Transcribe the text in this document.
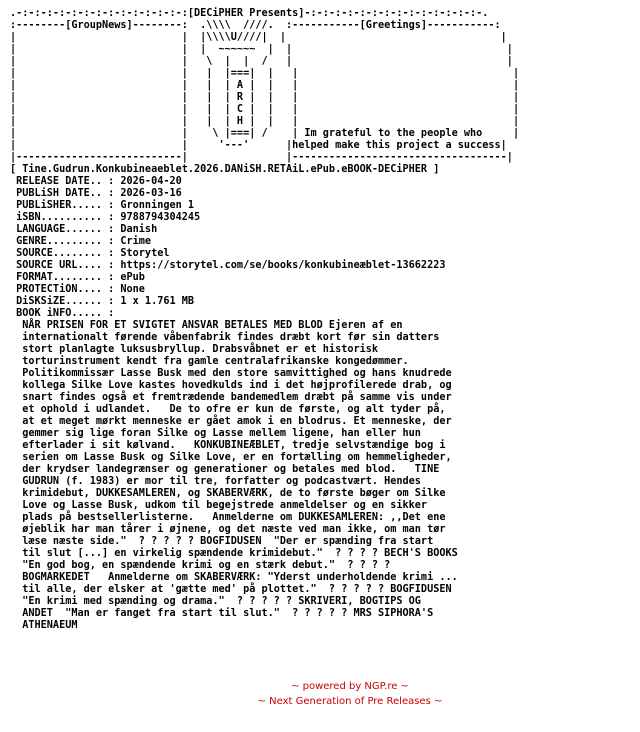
.-:-:-:-:-:-:-:-:-:-:-:-:-:-:[DECiPHER Presents]-:-:-:-:-:-:-:-:-:-:-:-:-:-:-.
:--------[GroupNews]--------:  .\\\\  ////.  :-----------[Greetings]-----------:
|                           |  |\\\\U////|  |                                   |
|                           |  |  ~~~~~~  |  |                                   |
|                           |   \  |  |  /   |                                   |
|                           |   |  |===|  |   |                                   |
|                           |   |  | A |  |   |                                   |
|                           |   |  | R |  |   |                                   |
|                           |   |  | C |  |   |                                   |
|                           |   |  | H |  |   |                                   |
|                           |    \ |===| /    | Im grateful to the people who     |
|                           |     '---'      |helped make this project a success|
|---------------------------|                |-----------------------------------|
[ Tine.Gudrun.Konkubineaeblet.2026.DANiSH.RETAiL.ePub.eBOOK-DECiPHER ]
RELEASE DATE.. : 2026-04-20
PUBLiSH DATE.. : 2026-03-16
PUBLiSHER..... : Gronningen 1
iSBN.......... : 9788794304245
LANGUAGE...... : Danish
GENRE......... : Crime
SOURCE........ : Storytel
SOURCE URL.... : https://storytel.com/se/books/konkubineæblet-13662223
FORMAT........ : ePub
PROTECTiON.... : None
DiSKSiZE...... : 1 x 1.761 MB
BOOK iNFO..... :
NÅR PRISEN FOR ET SVIGTET ANSVAR BETALES MED BLOD Ejeren af en
internationalt førende våbenfabrik findes dræbt kort før sin datters
stort planlagte luksusbryllup. Drabsvåbnet er et historisk
torturinstrument kendt fra gamle centralafrikanske kongedømmer.
Politikommissær Lasse Busk med den store samvittighed og hans knudrede
kollega Silke Love kastes hovedkulds ind i det højprofilerede drab, og
snart findes også et fremtrædende bandemedlem dræbt på samme vis under
et ophold i udlandet.   De to ofre er kun de første, og alt tyder på,
at et meget mørkt menneske er gået amok i en blodrus. Et menneske, der
gemmer sig lige foran Silke og Lasse mellem ligene, han eller hun
efterlader i sit kølvand.   KONKUBINEÆBLET, tredje selvstændige bog i
serien om Lasse Busk og Silke Love, er en fortælling om hemmeligheder,
der krydser landegrænser og generationer og betales med blod.   TINE
GUDRUN (f. 1983) er mor til tre, forfatter og podcastvært. Hendes
krimidebut, DUKKESAMLEREN, og SKABERVÆRK, de to første bøger om Silke
Love og Lasse Busk, udkom til begejstrede anmeldelser og en sikker
plads på bestsellerlisterne.   Anmelderne om DUKKESAMLEREN: ,,Det ene
øjeblik har man tårer i øjnene, og det næste ved man ikke, om man tør
læse næste side."  ? ? ? ? ? BOGFIDUSEN  "Der er spænding fra start
til slut [...] en virkelig spændende krimidebut."  ? ? ? ? BECH'S BOOKS
"En god bog, en spændende krimi og en stærk debut."  ? ? ? ?
BOGMARKEDET   Anmelderne om SKABERVÆRK: "Yderst underholdende krimi ...
til alle, der elsker at 'gætte med' på plottet."  ? ? ? ? ? BOGFIDUSEN
"En krimi med spænding og drama."  ? ? ? ? ? SKRIVERI, BOGTIPS OG
ANDET  "Man er fanget fra start til slut."  ? ? ? ? ? MRS SIPHORA'S
ATHENAEUM
~ powered by NGP.re ~
~ Next Generation of Pre Releases ~
